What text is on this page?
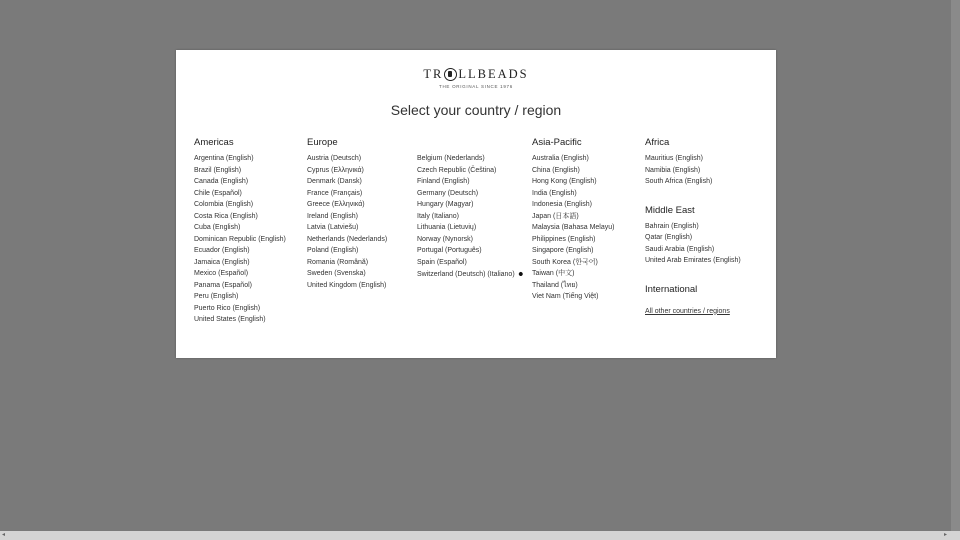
TR LLBEADS
THE ORIGINAL SINCE 1976
Select your country / region
Americas
Argentina (English)
Brazil (English)
Canada (English)
Chile (Español)
Colombia (English)
Costa Rica (English)
Cuba (English)
Dominican Republic (English)
Ecuador (English)
Jamaica (English)
Mexico (Español)
Panama (Español)
Peru (English)
Puerto Rico (English)
United States (English)
Europe
Austria (Deutsch)
Cyprus (Ελληνικά)
Denmark (Dansk)
France (Français)
Greece (Ελληνικά)
Ireland (English)
Latvia (Latviešu)
Netherlands (Nederlands)
Poland (English)
Romania (Română)
Sweden (Svenska)
United Kingdom (English)
Belgium (Nederlands)
Czech Republic (Čeština)
Finland (English)
Germany (Deutsch)
Hungary (Magyar)
Italy (Italiano)
Lithuania (Lietuvių)
Norway (Nynorsk)
Portugal (Português)
Spain (Español)
Switzerland (Deutsch) (Italiano) ⬤
Asia-Pacific
Australia (English)
China (English)
Hong Kong (English)
India (English)
Indonesia (English)
Japan (日本語)
Malaysia (Bahasa Melayu)
Philippines (English)
Singapore (English)
South Korea (한국어)
Taiwan (中文)
Thailand (ไทย)
Viet Nam (Tiếng Việt)
Africa
Mauritius (English)
Namibia (English)
South Africa (English)
Middle East
Bahrain (English)
Qatar (English)
Saudi Arabia (English)
United Arab Emirates (English)
International
All other countries / regions
◂	▸
